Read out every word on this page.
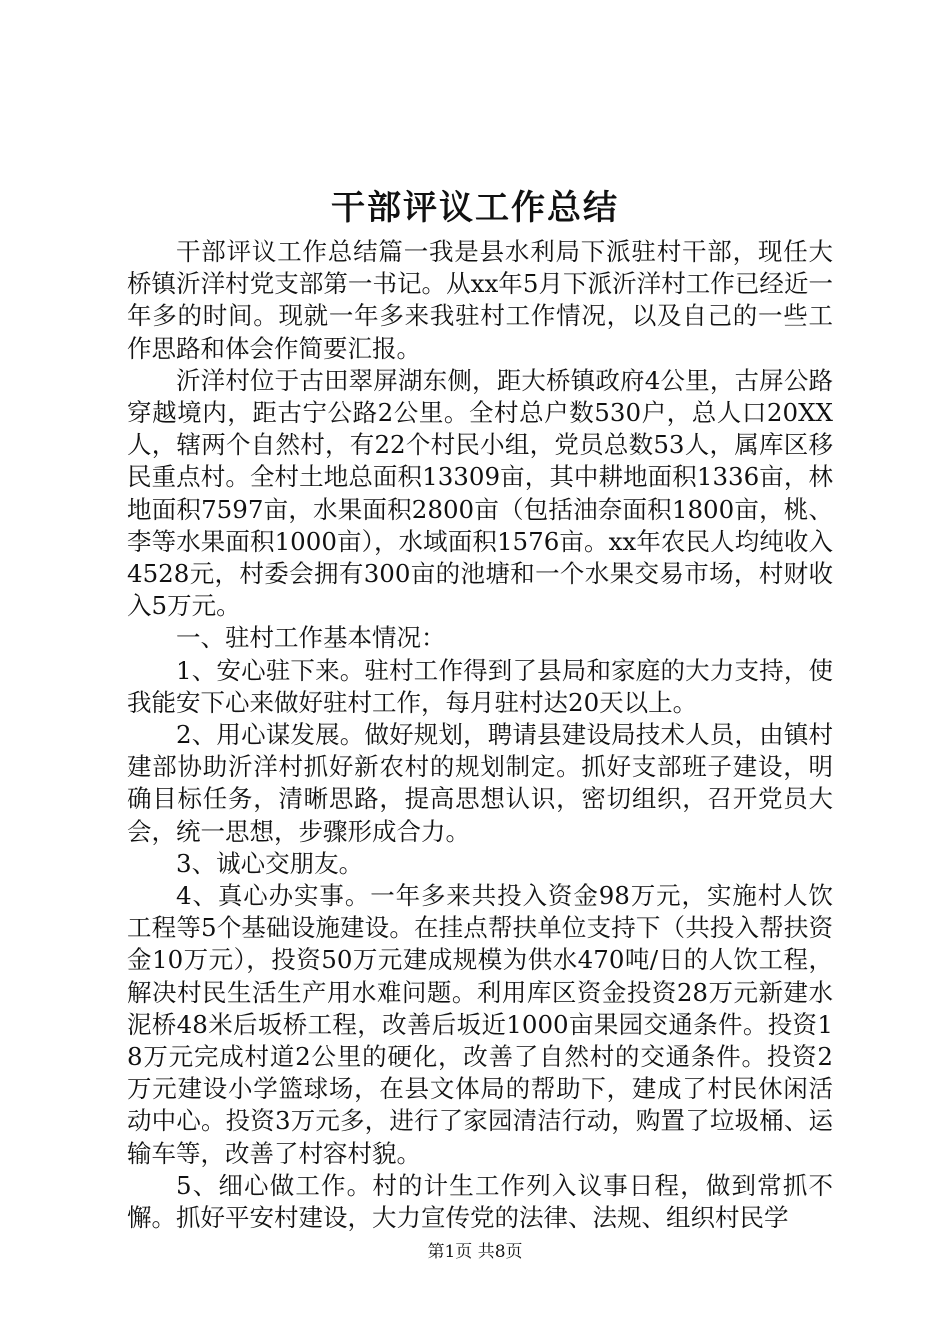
干部评议工作总结

干部评议工作总结篇一我是县水利局下派驻村干部，现任大桥镇沂洋村党支部第一书记。从xx年5月下派沂洋村工作已经近一年多的时间。现就一年多来我驻村工作情况，以及自己的一些工作思路和体会作简要汇报。

沂洋村位于古田翠屏湖东侧，距大桥镇政府4公里，古屏公路穿越境内，距古宁公路2公里。全村总户数530户，总人口20XX人，辖两个自然村，有22个村民小组，党员总数53人，属库区移民重点村。全村土地总面积13309亩，其中耕地面积1336亩，林地面积7597亩，水果面积2800亩（包括油奈面积1800亩，桃、李等水果面积1000亩），水域面积1576亩。xx年农民人均纯收入4528元，村委会拥有300亩的池塘和一个水果交易市场，村财收入5万元。

一、驻村工作基本情况：

1、安心驻下来。驻村工作得到了县局和家庭的大力支持，使我能安下心来做好驻村工作，每月驻村达20天以上。

2、用心谋发展。做好规划，聘请县建设局技术人员，由镇村建部协助沂洋村抓好新农村的规划制定。抓好支部班子建设，明确目标任务，清晰思路，提高思想认识，密切组织，召开党员大会，统一思想，步骤形成合力。

3、诚心交朋友。

4、真心办实事。一年多来共投入资金98万元，实施村人饮工程等5个基础设施建设。在挂点帮扶单位支持下（共投入帮扶资金10万元），投资50万元建成规模为供水470吨/日的人饮工程，解决村民生活生产用水难问题。利用库区资金投资28万元新建水泥桥48米后坂桥工程，改善后坂近1000亩果园交通条件。投资18万元完成村道2公里的硬化，改善了自然村的交通条件。投资2万元建设小学篮球场，在县文体局的帮助下，建成了村民休闲活动中心。投资3万元多，进行了家园清洁行动，购置了垃圾桶、运输车等，改善了村容村貌。

5、细心做工作。村的计生工作列入议事日程，做到常抓不懈。抓好平安村建设，大力宣传党的法律、法规、组织村民学

第1页 共8页
